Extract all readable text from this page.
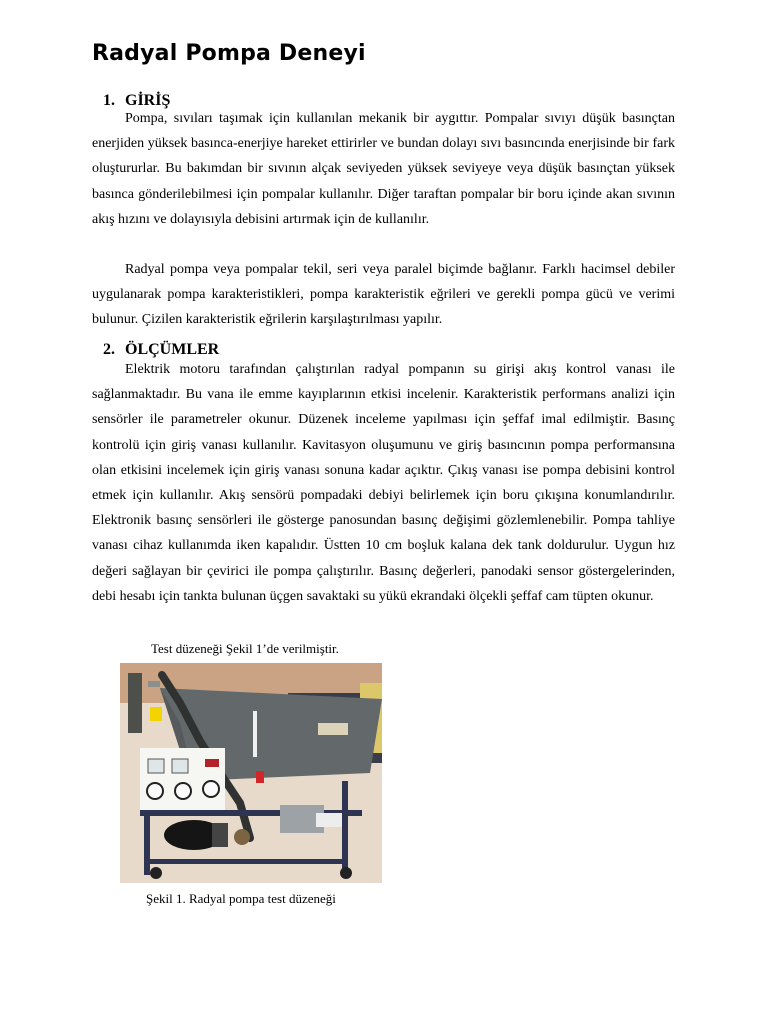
Radyal Pompa Deneyi
1. GİRİŞ

Pompa, sıvıları taşımak için kullanılan mekanik bir aygıttır. Pompalar sıvıyı düşük basınçtan enerjiden yüksek basınca-enerjiye hareket ettirirler ve bundan dolayı sıvı basıncında enerjisinde bir fark oluştururlar. Bu bakımdan bir sıvının alçak seviyeden yüksek seviyeye veya düşük basınçtan yüksek basınca gönderilebilmesi için pompalar kullanılır. Diğer taraftan pompalar bir boru içinde akan sıvının akış hızını ve dolayısıyla debisini artırmak için de kullanılır.

Radyal pompa veya pompalar tekil, seri veya paralel biçimde bağlanır. Farklı hacimsel debiler uygulanarak pompa karakteristikleri, pompa karakteristik eğrileri ve gerekli pompa gücü ve verimi bulunur. Çizilen karakteristik eğrilerin karşılaştırılması yapılır.

2. ÖLÇÜMLER

Elektrik motoru tarafından çalıştırılan radyal pompanın su girişi akış kontrol vanası ile sağlanmaktadır. Bu vana ile emme kayıplarının etkisi incelenir. Karakteristik performans analizi için sensörler ile parametreler okunur. Düzenek inceleme yapılması için şeffaf imal edilmiştir. Basınç kontrolü için giriş vanası kullanılır. Kavitasyon oluşumunu ve giriş basıncının pompa performansına olan etkisini incelemek için giriş vanası sonuna kadar açıktır. Çıkış vanası ise pompa debisini kontrol etmek için kullanılır. Akış sensörü pompadaki debiyi belirlemek için boru çıkışına konumlandırılır. Elektronik basınç sensörleri ile gösterge panosundan basınç değişimi gözlemlenebilir. Pompa tahliye vanası cihaz kullanımda iken kapalıdır. Üstten 10 cm boşluk kalana dek tank doldurulur. Uygun hız değeri sağlayan bir çevirici ile pompa çalıştırılır. Basınç değerleri, panodaki sensor göstergelerinden, debi hesabı için tankta bulunan üçgen savaktaki su yükü ekrandaki ölçekli şeffaf cam tüpten okunur.

Test düzeneği Şekil 1’de verilmiştir.

Şekil 1. Radyal pompa test düzeneği
